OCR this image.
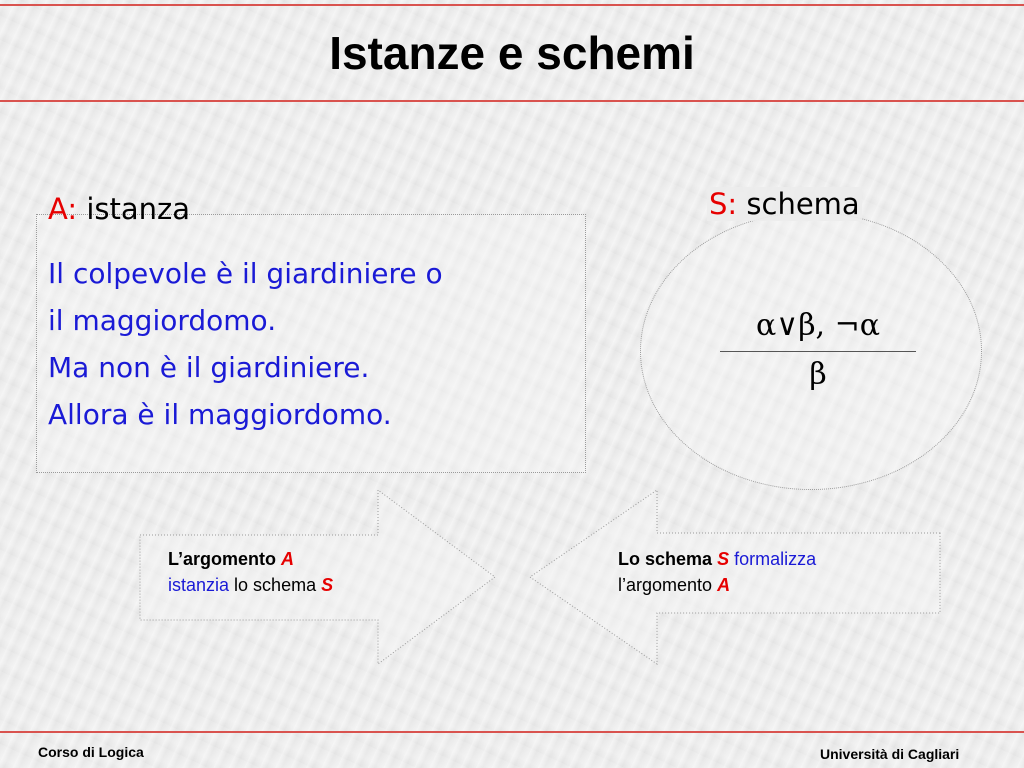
Istanze e schemi
A: istanza
Il colpevole è il giardiniere o
il maggiordomo.
Ma non è il giardiniere.
Allora è il maggiordomo.
S: schema
α∨β, ¬α
β
L’argomento A
istanzia lo schema S
Lo schema S formalizza
l’argomento A
Corso di Logica	Università di Cagliari
